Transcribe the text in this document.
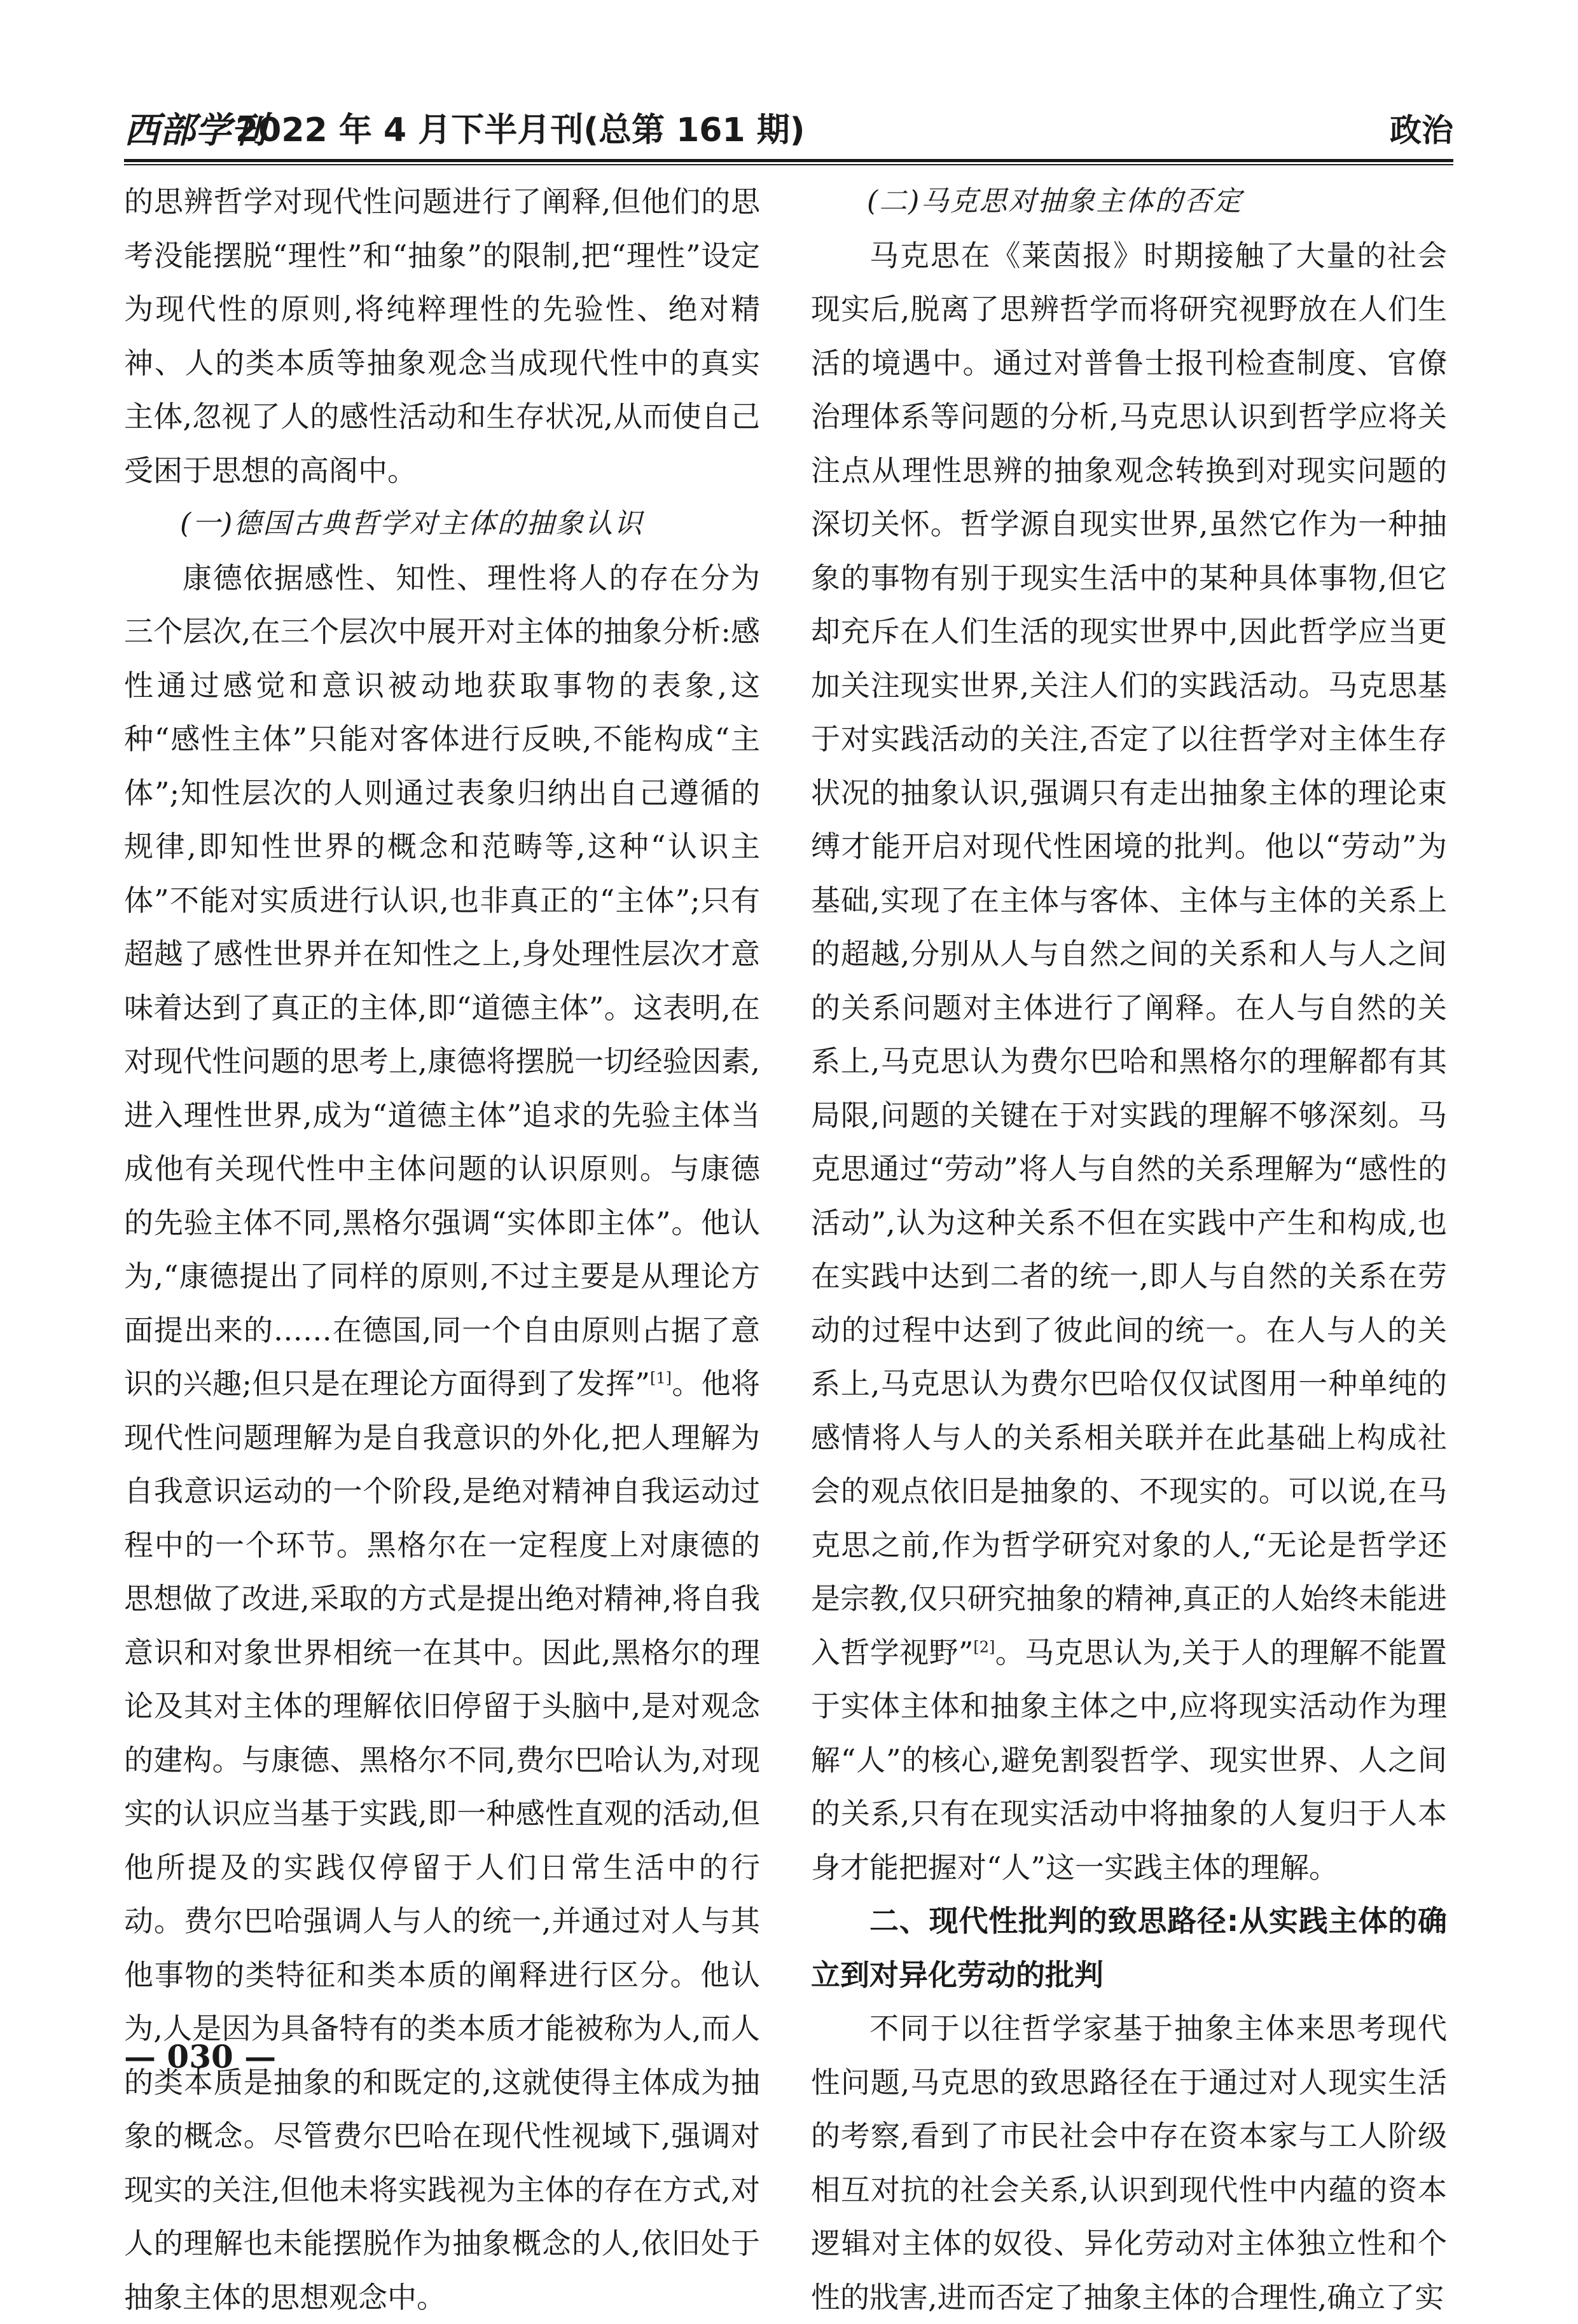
西部学刊
2022 年 4 月下半月刊(总第 161 期)	政治

的思辨哲学对现代性问题进行了阐释,但他们的思考没能摆脱“理性”和“抽象”的限制,把“理性”设定为现代性的原则,将纯粹理性的先验性、绝对精神、人的类本质等抽象观念当成现代性中的真实主体,忽视了人的感性活动和生存状况,从而使自己受困于思想的高阁中。

(一)德国古典哲学对主体的抽象认识

康德依据感性、知性、理性将人的存在分为三个层次,在三个层次中展开对主体的抽象分析:感性通过感觉和意识被动地获取事物的表象,这种“感性主体”只能对客体进行反映,不能构成“主体”;知性层次的人则通过表象归纳出自己遵循的规律,即知性世界的概念和范畴等,这种“认识主体”不能对实质进行认识,也非真正的“主体”;只有超越了感性世界并在知性之上,身处理性层次才意味着达到了真正的主体,即“道德主体”。这表明,在对现代性问题的思考上,康德将摆脱一切经验因素,进入理性世界,成为“道德主体”追求的先验主体当成他有关现代性中主体问题的认识原则。与康德的先验主体不同,黑格尔强调“实体即主体”。他认为,“康德提出了同样的原则,不过主要是从理论方面提出来的……在德国,同一个自由原则占据了意识的兴趣;但只是在理论方面得到了发挥”[1]。他将现代性问题理解为是自我意识的外化,把人理解为自我意识运动的一个阶段,是绝对精神自我运动过程中的一个环节。黑格尔在一定程度上对康德的思想做了改进,采取的方式是提出绝对精神,将自我意识和对象世界相统一在其中。因此,黑格尔的理论及其对主体的理解依旧停留于头脑中,是对观念的建构。与康德、黑格尔不同,费尔巴哈认为,对现实的认识应当基于实践,即一种感性直观的活动,但他所提及的实践仅停留于人们日常生活中的行动。费尔巴哈强调人与人的统一,并通过对人与其他事物的类特征和类本质的阐释进行区分。他认为,人是因为具备特有的类本质才能被称为人,而人的类本质是抽象的和既定的,这就使得主体成为抽象的概念。尽管费尔巴哈在现代性视域下,强调对现实的关注,但他未将实践视为主体的存在方式,对人的理解也未能摆脱作为抽象概念的人,依旧处于抽象主体的思想观念中。

(二)马克思对抽象主体的否定

马克思在《莱茵报》时期接触了大量的社会现实后,脱离了思辨哲学而将研究视野放在人们生活的境遇中。通过对普鲁士报刊检查制度、官僚治理体系等问题的分析,马克思认识到哲学应将关注点从理性思辨的抽象观念转换到对现实问题的深切关怀。哲学源自现实世界,虽然它作为一种抽象的事物有别于现实生活中的某种具体事物,但它却充斥在人们生活的现实世界中,因此哲学应当更加关注现实世界,关注人们的实践活动。马克思基于对实践活动的关注,否定了以往哲学对主体生存状况的抽象认识,强调只有走出抽象主体的理论束缚才能开启对现代性困境的批判。他以“劳动”为基础,实现了在主体与客体、主体与主体的关系上的超越,分别从人与自然之间的关系和人与人之间的关系问题对主体进行了阐释。在人与自然的关系上,马克思认为费尔巴哈和黑格尔的理解都有其局限,问题的关键在于对实践的理解不够深刻。马克思通过“劳动”将人与自然的关系理解为“感性的活动”,认为这种关系不但在实践中产生和构成,也在实践中达到二者的统一,即人与自然的关系在劳动的过程中达到了彼此间的统一。在人与人的关系上,马克思认为费尔巴哈仅仅试图用一种单纯的感情将人与人的关系相关联并在此基础上构成社会的观点依旧是抽象的、不现实的。可以说,在马克思之前,作为哲学研究对象的人,“无论是哲学还是宗教,仅只研究抽象的精神,真正的人始终未能进入哲学视野”[2]。马克思认为,关于人的理解不能置于实体主体和抽象主体之中,应将现实活动作为理解“人”的核心,避免割裂哲学、现实世界、人之间的关系,只有在现实活动中将抽象的人复归于人本身才能把握对“人”这一实践主体的理解。

二、现代性批判的致思路径:从实践主体的确立到对异化劳动的批判

不同于以往哲学家基于抽象主体来思考现代性问题,马克思的致思路径在于通过对人现实生活的考察,看到了市民社会中存在资本家与工人阶级相互对抗的社会关系,认识到现代性中内蕴的资本逻辑对主体的奴役、异化劳动对主体独立性和个性的戕害,进而否定了抽象主体的合理性,确立了实

— 030 —
